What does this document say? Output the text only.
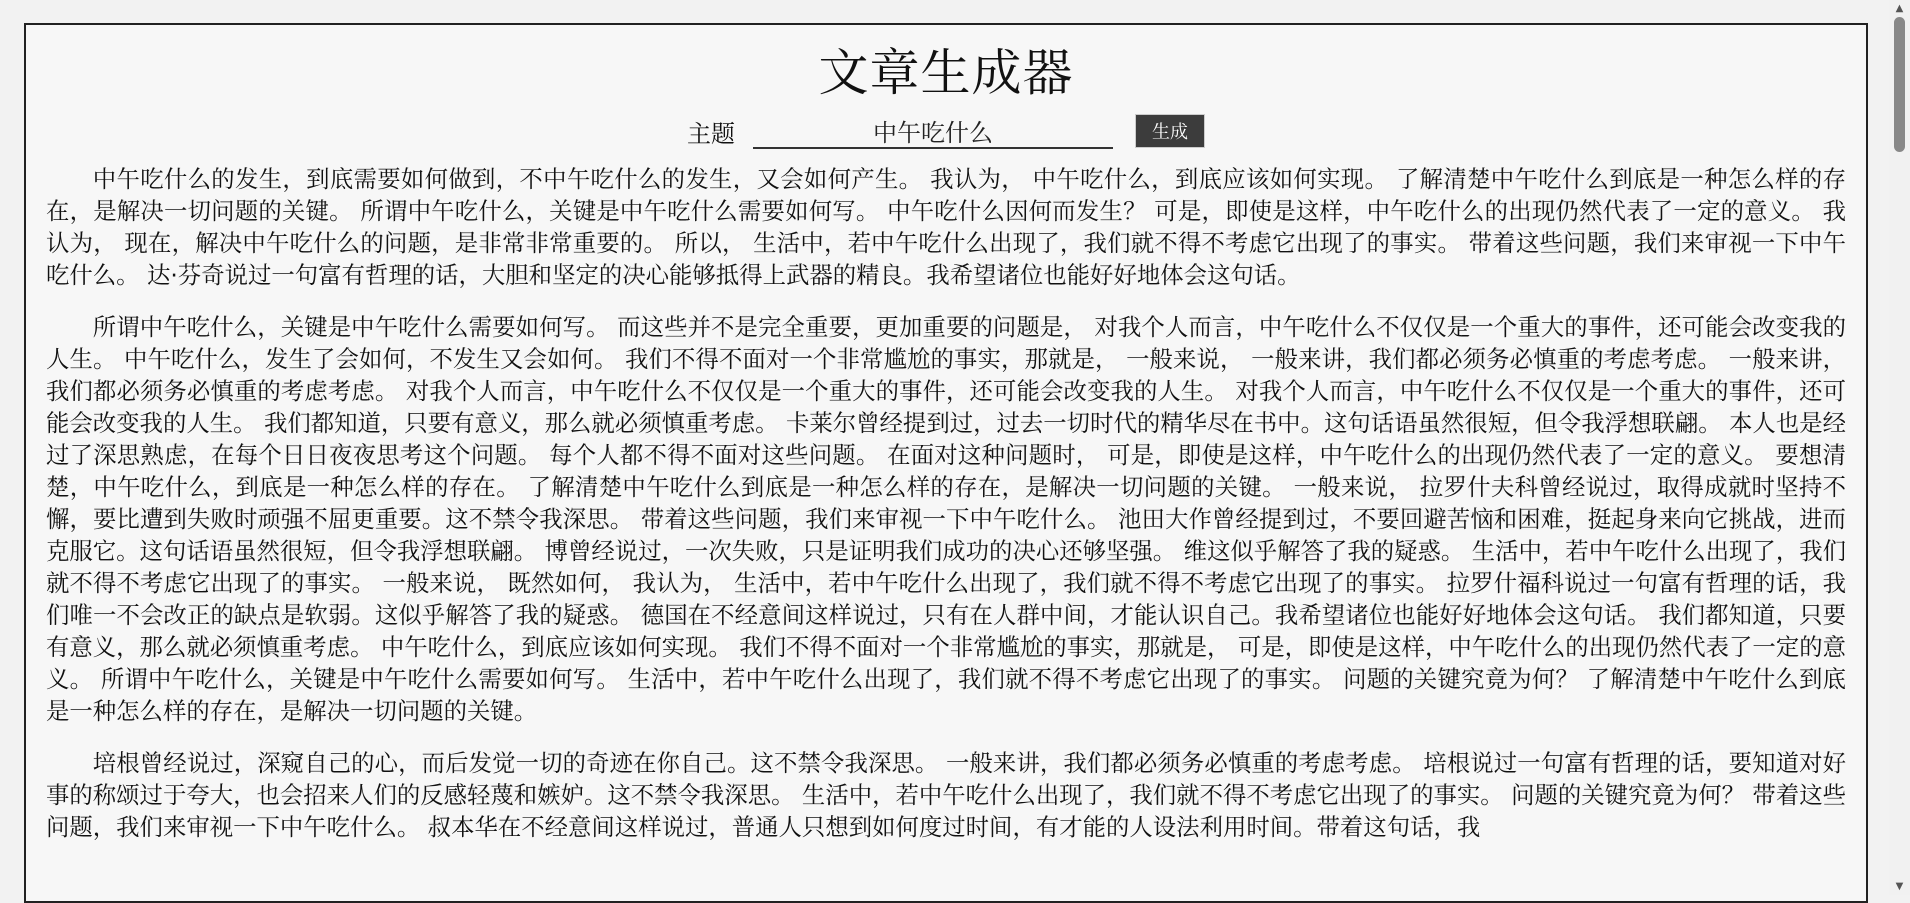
文章生成器
主题
中午吃什么	生成

中午吃什么的发生，到底需要如何做到，不中午吃什么的发生，又会如何产生。 我认为， 中午吃什么，到底应该如何实现。 了解清楚中午吃什么到底是一种怎么样的存在，是解决一切问题的关键。 所谓中午吃什么，关键是中午吃什么需要如何写。 中午吃什么因何而发生？ 可是，即使是这样，中午吃什么的出现仍然代表了一定的意义。 我认为， 现在，解决中午吃什么的问题，是非常非常重要的。 所以， 生活中，若中午吃什么出现了，我们就不得不考虑它出现了的事实。 带着这些问题，我们来审视一下中午吃什么。 达·芬奇说过一句富有哲理的话，大胆和坚定的决心能够抵得上武器的精良。我希望诸位也能好好地体会这句话。

所谓中午吃什么，关键是中午吃什么需要如何写。 而这些并不是完全重要，更加重要的问题是， 对我个人而言，中午吃什么不仅仅是一个重大的事件，还可能会改变我的人生。 中午吃什么，发生了会如何，不发生又会如何。 我们不得不面对一个非常尴尬的事实，那就是， 一般来说， 一般来讲，我们都必须务必慎重的考虑考虑。 一般来讲，我们都必须务必慎重的考虑考虑。 对我个人而言，中午吃什么不仅仅是一个重大的事件，还可能会改变我的人生。 对我个人而言，中午吃什么不仅仅是一个重大的事件，还可能会改变我的人生。 我们都知道，只要有意义，那么就必须慎重考虑。 卡莱尔曾经提到过，过去一切时代的精华尽在书中。这句话语虽然很短，但令我浮想联翩。 本人也是经过了深思熟虑，在每个日日夜夜思考这个问题。 每个人都不得不面对这些问题。 在面对这种问题时， 可是，即使是这样，中午吃什么的出现仍然代表了一定的意义。 要想清楚，中午吃什么，到底是一种怎么样的存在。 了解清楚中午吃什么到底是一种怎么样的存在，是解决一切问题的关键。 一般来说， 拉罗什夫科曾经说过，取得成就时坚持不懈，要比遭到失败时顽强不屈更重要。这不禁令我深思。 带着这些问题，我们来审视一下中午吃什么。 池田大作曾经提到过，不要回避苦恼和困难，挺起身来向它挑战，进而克服它。这句话语虽然很短，但令我浮想联翩。 博曾经说过，一次失败，只是证明我们成功的决心还够坚强。 维这似乎解答了我的疑惑。 生活中，若中午吃什么出现了，我们就不得不考虑它出现了的事实。 一般来说， 既然如何， 我认为， 生活中，若中午吃什么出现了，我们就不得不考虑它出现了的事实。 拉罗什福科说过一句富有哲理的话，我们唯一不会改正的缺点是软弱。这似乎解答了我的疑惑。 德国在不经意间这样说过，只有在人群中间，才能认识自己。我希望诸位也能好好地体会这句话。 我们都知道，只要有意义，那么就必须慎重考虑。 中午吃什么，到底应该如何实现。 我们不得不面对一个非常尴尬的事实，那就是， 可是，即使是这样，中午吃什么的出现仍然代表了一定的意义。 所谓中午吃什么，关键是中午吃什么需要如何写。 生活中，若中午吃什么出现了，我们就不得不考虑它出现了的事实。 问题的关键究竟为何？ 了解清楚中午吃什么到底是一种怎么样的存在，是解决一切问题的关键。

培根曾经说过，深窥自己的心，而后发觉一切的奇迹在你自己。这不禁令我深思。 一般来讲，我们都必须务必慎重的考虑考虑。 培根说过一句富有哲理的话，要知道对好事的称颂过于夸大，也会招来人们的反感轻蔑和嫉妒。这不禁令我深思。 生活中，若中午吃什么出现了，我们就不得不考虑它出现了的事实。 问题的关键究竟为何？ 带着这些问题，我们来审视一下中午吃什么。 叔本华在不经意间这样说过，普通人只想到如何度过时间，有才能的人设法利用时间。带着这句话，我

▲
▼
